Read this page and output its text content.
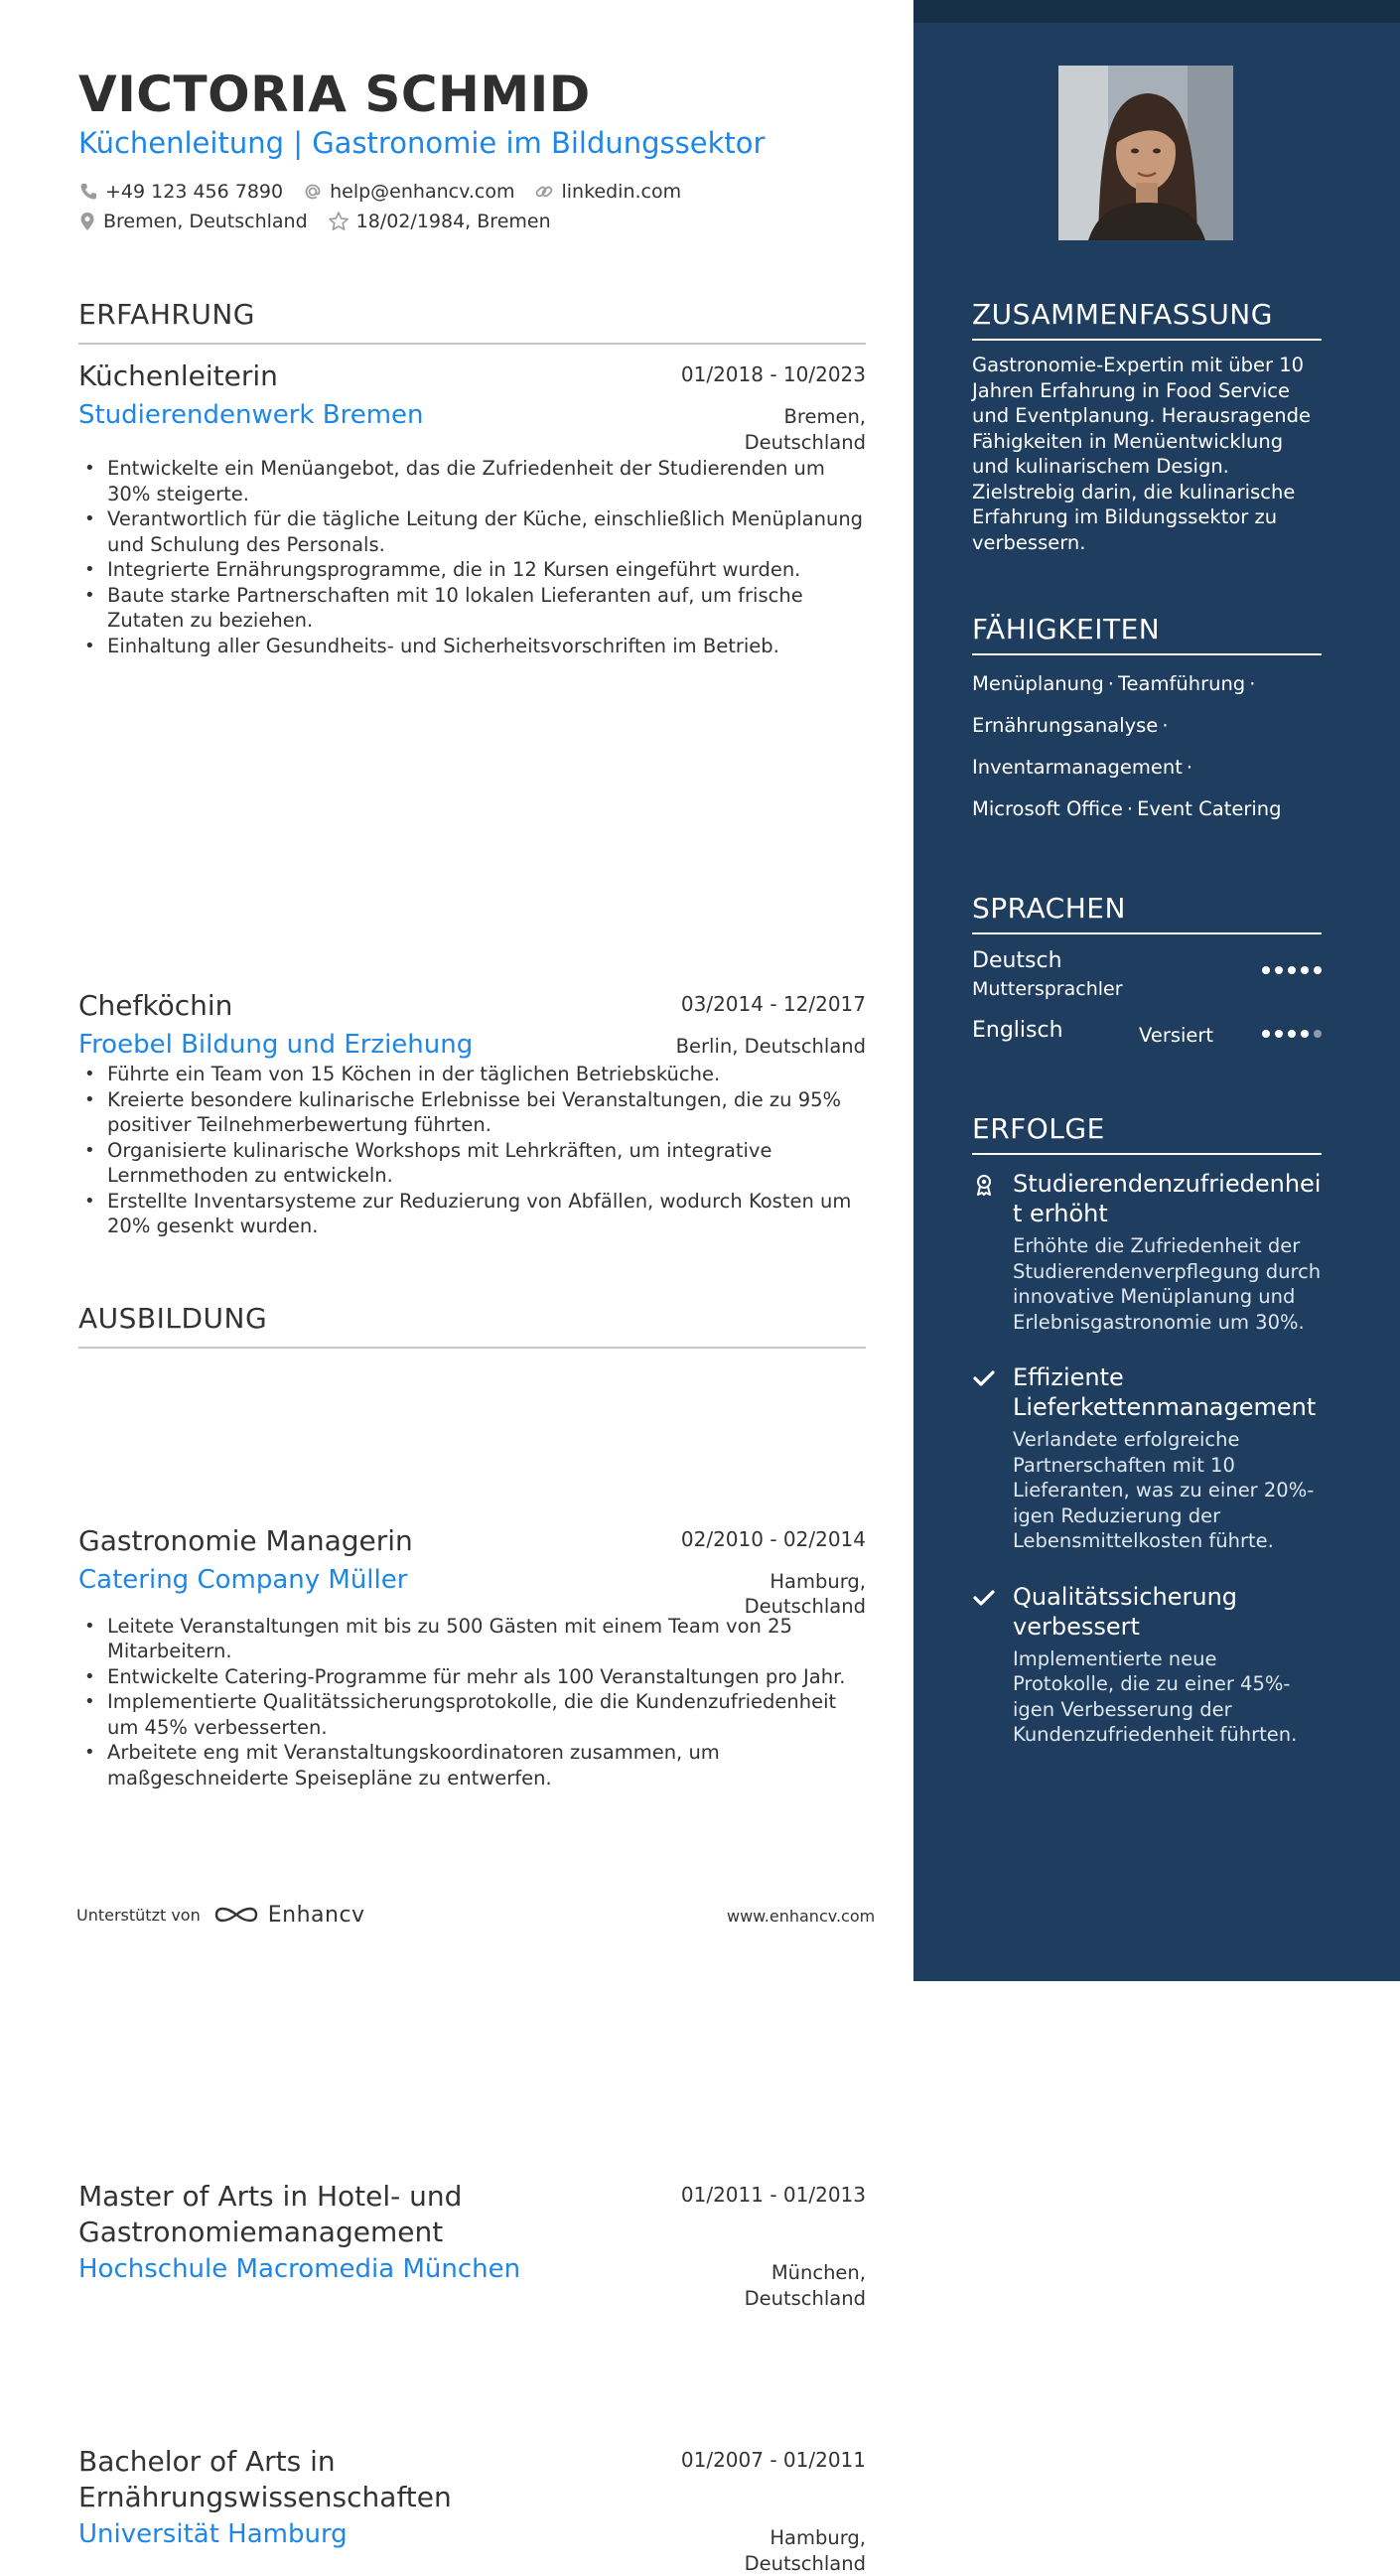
VICTORIA SCHMID
Küchenleitung | Gastronomie im Bildungssektor
+49 123 456 7890 help@enhancv.com linkedin.com
Bremen, Deutschland	18/02/1984, Bremen
ERFAHRUNG
Küchenleiterin	01/2018 - 10/2023
Studierendenwerk Bremen	Bremen,
Deutschland
• Entwickelte ein Menüangebot, das die Zufriedenheit der Studierenden um 30% steigerte.
• Verantwortlich für die tägliche Leitung der Küche, einschließlich Menüplanung und Schulung des Personals.
• Integrierte Ernährungsprogramme, die in 12 Kursen eingeführt wurden.
• Baute starke Partnerschaften mit 10 lokalen Lieferanten auf, um frische Zutaten zu beziehen.
• Einhaltung aller Gesundheits- und Sicherheitsvorschriften im Betrieb.
Chefköchin	03/2014 - 12/2017
Froebel Bildung und Erziehung	Berlin, Deutschland
• Führte ein Team von 15 Köchen in der täglichen Betriebsküche.
• Kreierte besondere kulinarische Erlebnisse bei Veranstaltungen, die zu 95% positiver Teilnehmerbewertung führten.
• Organisierte kulinarische Workshops mit Lehrkräften, um integrative Lernmethoden zu entwickeln.
• Erstellte Inventarsysteme zur Reduzierung von Abfällen, wodurch Kosten um 20% gesenkt wurden.
Gastronomie Managerin	02/2010 - 02/2014
Catering Company Müller	Hamburg,
Deutschland
• Leitete Veranstaltungen mit bis zu 500 Gästen mit einem Team von 25 Mitarbeitern.
• Entwickelte Catering-Programme für mehr als 100 Veranstaltungen pro Jahr.
• Implementierte Qualitätssicherungsprotokolle, die die Kundenzufriedenheit um 45% verbesserten.
• Arbeitete eng mit Veranstaltungskoordinatoren zusammen, um maßgeschneiderte Speisepläne zu entwerfen.
AUSBILDUNG
Master of Arts in Hotel- und
Gastronomiemanagement
01/2011 - 01/2013
Hochschule Macromedia München	München,
Deutschland
Bachelor of Arts in
Ernährungswissenschaften
01/2007 - 01/2011
Universität Hamburg	Hamburg,
Deutschland
Unterstützt von	Enhancv	www.enhancv.com
ZUSAMMENFASSUNG
Gastronomie-Expertin mit über 10 Jahren Erfahrung in Food Service und Eventplanung. Herausragende Fähigkeiten in Menüentwicklung und kulinarischem Design. Zielstrebig darin, die kulinarische Erfahrung im Bildungssektor zu verbessern.
FÄHIGKEITEN
Menüplanung · Teamführung ·
Ernährungsanalyse ·
Inventarmanagement ·
Microsoft Office · Event Catering
SPRACHEN
Deutsch
Muttersprachler
Englisch	Versiert
ERFOLGE
Studierendenzufriedenheit erhöht
Erhöhte die Zufriedenheit der Studierendenverpflegung durch innovative Menüplanung und Erlebnisgastronomie um 30%.
Effiziente Lieferkettenmanagement
Verlandete erfolgreiche Partnerschaften mit 10 Lieferanten, was zu einer 20%-igen Reduzierung der Lebensmittelkosten führte.
Qualitätssicherung verbessert
Implementierte neue Protokolle, die zu einer 45%-igen Verbesserung der Kundenzufriedenheit führten.
